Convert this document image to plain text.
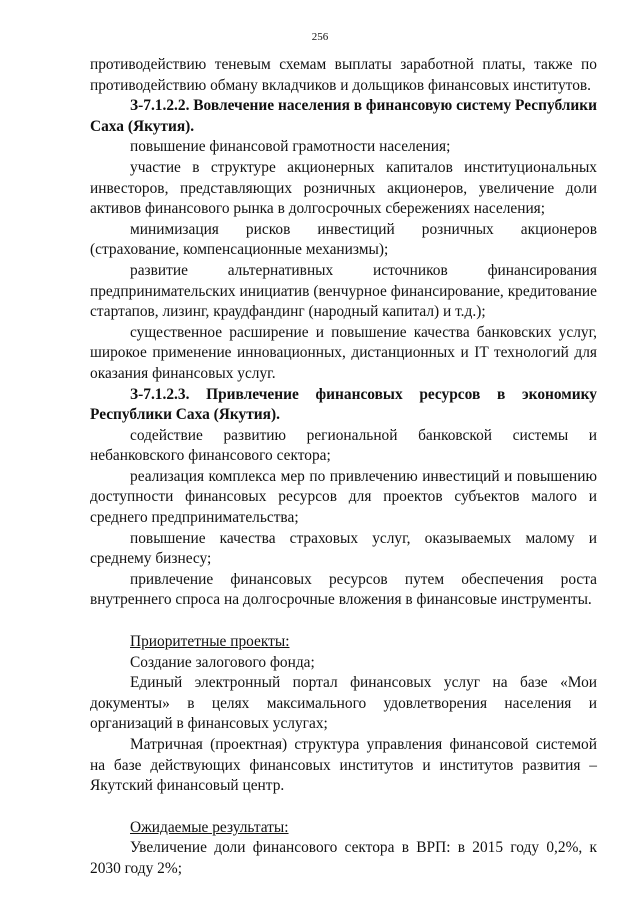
256

противодействию теневым схемам выплаты заработной платы, также по противодействию обману вкладчиков и дольщиков финансовых институтов.

З-7.1.2.2. Вовлечение населения в финансовую систему Республики Саха (Якутия).

повышение финансовой грамотности населения;

участие в структуре акционерных капиталов институциональных инвесторов, представляющих розничных акционеров, увеличение доли активов финансового рынка в долгосрочных сбережениях населения;

минимизация рисков инвестиций розничных акционеров (страхование, компенсационные механизмы);

развитие альтернативных источников финансирования предпринимательских инициатив (венчурное финансирование, кредитование стартапов, лизинг, краудфандинг (народный капитал) и т.д.);

существенное расширение и повышение качества банковских услуг, широкое применение инновационных, дистанционных и IT технологий для оказания финансовых услуг.

З-7.1.2.3. Привлечение финансовых ресурсов в экономику Республики Саха (Якутия).

содействие развитию региональной банковской системы и небанковского финансового сектора;

реализация комплекса мер по привлечению инвестиций и повышению доступности финансовых ресурсов для проектов субъектов малого и среднего предпринимательства;

повышение качества страховых услуг, оказываемых малому и среднему бизнесу;

привлечение финансовых ресурсов путем обеспечения роста внутреннего спроса на долгосрочные вложения в финансовые инструменты.

Приоритетные проекты:

Создание залогового фонда;

Единый электронный портал финансовых услуг на базе «Мои документы» в целях максимального удовлетворения населения и организаций в финансовых услугах;

Матричная (проектная) структура управления финансовой системой на базе действующих финансовых институтов и институтов развития – Якутский финансовый центр.

Ожидаемые результаты:

Увеличение доли финансового сектора в ВРП: в 2015 году 0,2%, к 2030 году 2%;
